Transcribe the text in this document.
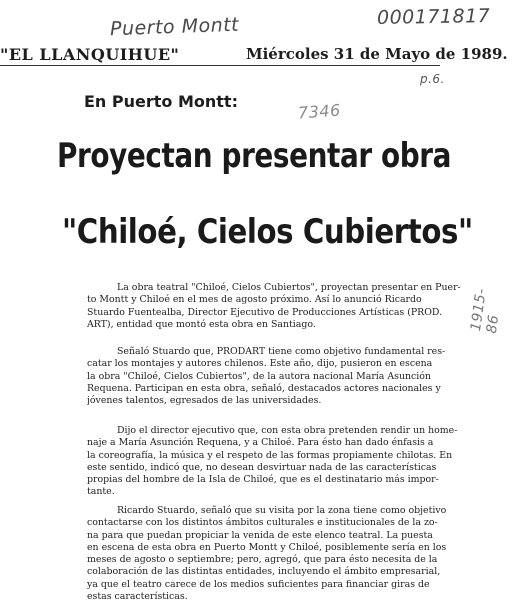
Puerto Montt	000171817
p.6.
7346
1915-86
"EL LLANQUIHUE"	Miércoles 31 de Mayo de 1989.
En Puerto Montt:
Proyectan presentar obra
"Chiloé, Cielos Cubiertos"
La obra teatral "Chiloé, Cielos Cubiertos", proyectan presentar en Puer-
to Montt y Chiloé en el mes de agosto próximo. Así lo anunció Ricardo
Stuardo Fuentealba, Director Ejecutivo de Producciones Artísticas (PROD.
ART), entidad que montó esta obra en Santiago.
Señaló Stuardo que, PRODART tiene como objetivo fundamental res-
catar los montajes y autores chilenos. Este año, dijo, pusieron en escena
la obra "Chiloé, Cielos Cubiertos", de la autora nacional María Asunción
Requena. Participan en esta obra, señaló, destacados actores nacionales y
jóvenes talentos, egresados de las universidades.
Dijo el director ejecutivo que, con esta obra pretenden rendir un home-
naje a María Asunción Requena, y a Chiloé. Para ésto han dado énfasis a
la coreografía, la música y el respeto de las formas propiamente chilotas. En
este sentido, indicó que, no desean desvirtuar nada de las características
propias del hombre de la Isla de Chiloé, que es el destinatario más impor-
tante.
Ricardo Stuardo, señaló que su visita por la zona tiene como objetivo
contactarse con los distintos ámbitos culturales e institucionales de la zo-
na para que puedan propiciar la venida de este elenco teatral. La puesta
en escena de esta obra en Puerto Montt y Chiloé, posiblemente sería en los
meses de agosto o septiembre; pero, agregó, que para ésto necesita de la
colaboración de las distintas entidades, incluyendo el ámbito empresarial,
ya que el teatro carece de los medios suficientes para financiar giras de
estas características.
